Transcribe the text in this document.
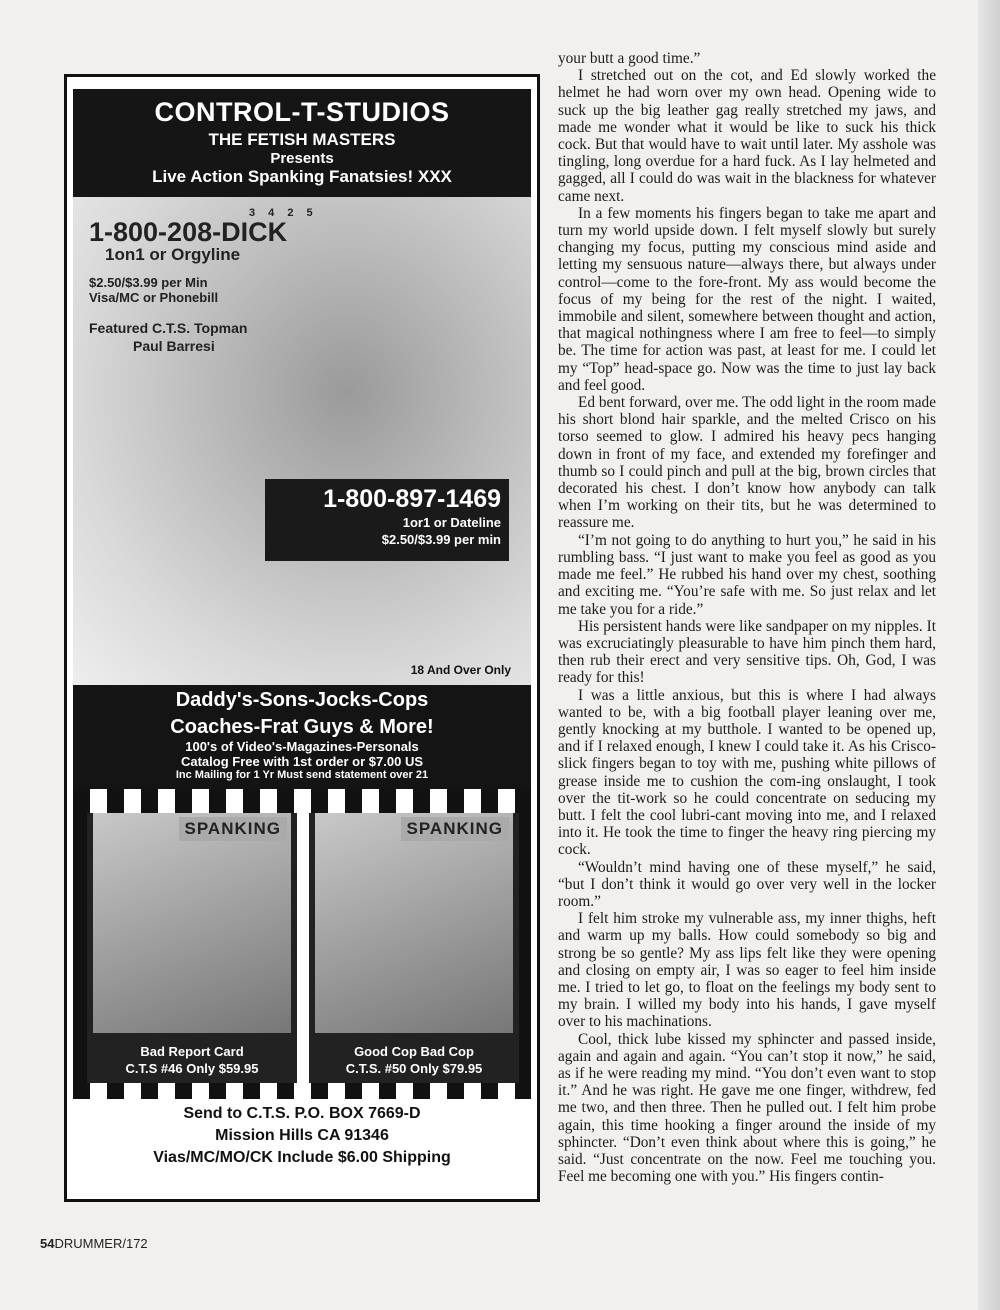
CONTROL-T-STUDIOS
THE FETISH MASTERS
Presents
Live Action Spanking Fanatsies! XXX
3 4 2 5
1-800-208-DICK
1on1 or Orgyline
$2.50/$3.99 per Min
Visa/MC or Phonebill
Featured C.T.S. Topman
Paul Barresi
1-800-897-1469
1or1 or Dateline
$2.50/$3.99 per min
18 And Over Only
Daddy's-Sons-Jocks-Cops
Coaches-Frat Guys & More!
100's of Video's-Magazines-Personals
Catalog Free with 1st order or $7.00 US
Inc Mailing for 1 Yr Must send statement over 21
SPANKING
Bad Report Card
C.T.S #46 Only $59.95
SPANKING
Good Cop Bad Cop
C.T.S. #50 Only $79.95
Send to C.T.S. P.O. BOX 7669-D
Mission Hills CA 91346
Vias/MC/MO/CK Include $6.00 Shipping

your butt a good time.”

I stretched out on the cot, and Ed slowly worked the helmet he had worn over my own head. Opening wide to suck up the big leather gag really stretched my jaws, and made me wonder what it would be like to suck his thick cock. But that would have to wait until later. My asshole was tingling, long overdue for a hard fuck. As I lay helmeted and gagged, all I could do was wait in the blackness for whatever came next.

In a few moments his fingers began to take me apart and turn my world upside down. I felt myself slowly but surely changing my focus, putting my conscious mind aside and letting my sensuous nature—always there, but always under control—come to the fore-front. My ass would become the focus of my being for the rest of the night. I waited, immobile and silent, somewhere between thought and action, that magical nothingness where I am free to feel—to simply be. The time for action was past, at least for me. I could let my “Top” head-space go. Now was the time to just lay back and feel good.

Ed bent forward, over me. The odd light in the room made his short blond hair sparkle, and the melted Crisco on his torso seemed to glow. I admired his heavy pecs hanging down in front of my face, and extended my forefinger and thumb so I could pinch and pull at the big, brown circles that decorated his chest. I don’t know how anybody can talk when I’m working on their tits, but he was determined to reassure me.

“I’m not going to do anything to hurt you,” he said in his rumbling bass. “I just want to make you feel as good as you made me feel.” He rubbed his hand over my chest, soothing and exciting me. “You’re safe with me. So just relax and let me take you for a ride.”

His persistent hands were like sandpaper on my nipples. It was excruciatingly pleasurable to have him pinch them hard, then rub their erect and very sensitive tips. Oh, God, I was ready for this!

I was a little anxious, but this is where I had always wanted to be, with a big football player leaning over me, gently knocking at my butthole. I wanted to be opened up, and if I relaxed enough, I knew I could take it. As his Crisco-slick fingers began to toy with me, pushing white pillows of grease inside me to cushion the com-ing onslaught, I took over the tit-work so he could concentrate on seducing my butt. I felt the cool lubri-cant moving into me, and I relaxed into it. He took the time to finger the heavy ring piercing my cock.

“Wouldn’t mind having one of these myself,” he said, “but I don’t think it would go over very well in the locker room.”

I felt him stroke my vulnerable ass, my inner thighs, heft and warm up my balls. How could somebody so big and strong be so gentle? My ass lips felt like they were opening and closing on empty air, I was so eager to feel him inside me. I tried to let go, to float on the feelings my body sent to my brain. I willed my body into his hands, I gave myself over to his machinations.

Cool, thick lube kissed my sphincter and passed inside, again and again and again. “You can’t stop it now,” he said, as if he were reading my mind. “You don’t even want to stop it.” And he was right. He gave me one finger, withdrew, fed me two, and then three. Then he pulled out. I felt him probe again, this time hooking a finger around the inside of my sphincter. “Don’t even think about where this is going,” he said. “Just concentrate on the now. Feel me touching you. Feel me becoming one with you.” His fingers contin-

54DRUMMER/172
